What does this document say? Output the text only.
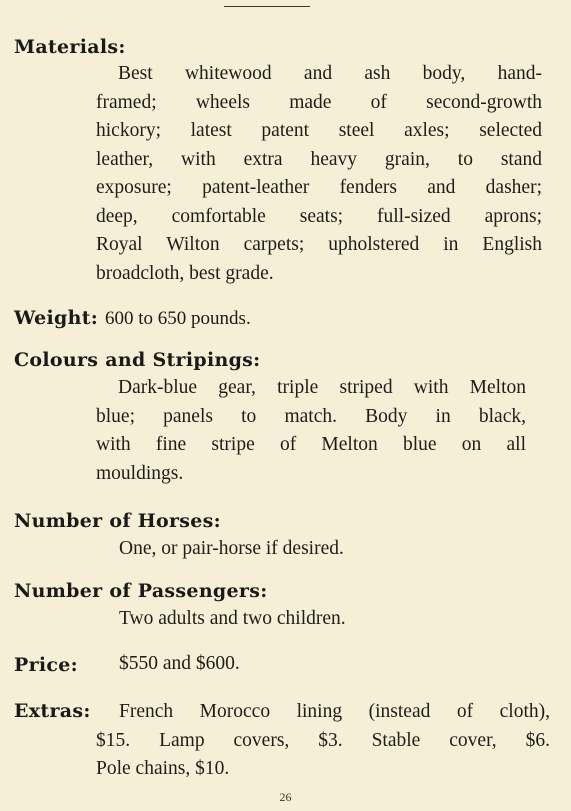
Materials:
Best whitewood and ash body, hand-
framed; wheels made of second-growth
hickory; latest patent steel axles; selected
leather, with extra heavy grain, to stand
exposure; patent-leather fenders and dasher;
deep, comfortable seats; full-sized aprons;
Royal Wilton carpets; upholstered in English
broadcloth, best grade.
Weight: 600 to 650 pounds.
Colours and Stripings:
Dark-blue gear, triple striped with Melton
blue; panels to match. Body in black,
with fine stripe of Melton blue on all
mouldings.
Number of Horses:
One, or pair-horse if desired.
Number of Passengers:
Two adults and two children.
Price: $550 and $600.
Extras:	French Morocco lining (instead of cloth),
$15. Lamp covers, $3. Stable cover, $6.
Pole chains, $10.
26
